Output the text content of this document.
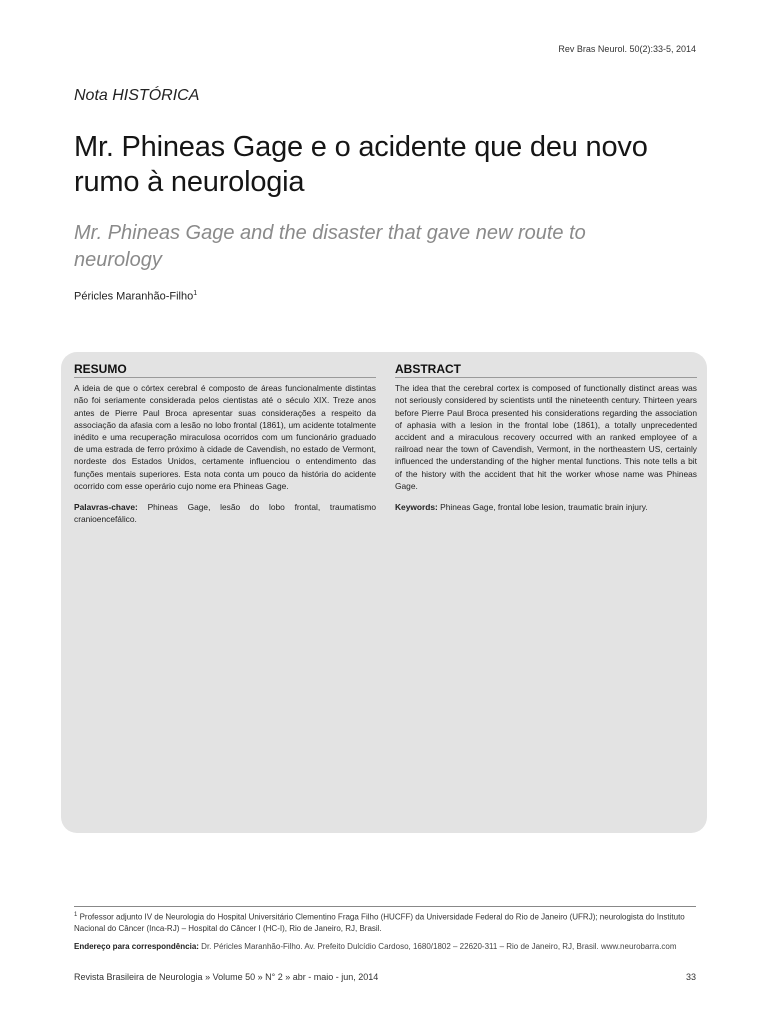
Rev Bras Neurol. 50(2):33-5, 2014
Nota HISTÓRICA
Mr. Phineas Gage e o acidente que deu novo rumo à neurologia
Mr. Phineas Gage and the disaster that gave new route to neurology
Péricles Maranhão-Filho$^1$
RESUMO

A ideia de que o córtex cerebral é composto de áreas funcionalmente distintas não foi seriamente considerada pelos cientistas até o século XIX. Treze anos antes de Pierre Paul Broca apresentar suas considerações a respeito da associação da afasia com a lesão no lobo frontal (1861), um acidente totalmente inédito e uma recuperação miraculosa ocorridos com um funcionário graduado de uma estrada de ferro próximo à cidade de Cavendish, no estado de Vermont, nordeste dos Estados Unidos, certamente influenciou o entendimento das funções mentais superiores. Esta nota conta um pouco da história do acidente ocorrido com esse operário cujo nome era Phineas Gage.

Palavras-chave: Phineas Gage, lesão do lobo frontal, traumatismo cranioencefálico.

ABSTRACT

The idea that the cerebral cortex is composed of functionally distinct areas was not seriously considered by scientists until the nineteenth century. Thirteen years before Pierre Paul Broca presented his considerations regarding the association of aphasia with a lesion in the frontal lobe (1861), a totally unprecedented accident and a miraculous recovery occurred with an ranked employee of a railroad near the town of Cavendish, Vermont, in the northeastern US, certainly influenced the understanding of the higher mental functions. This note tells a bit of the history with the accident that hit the worker whose name was Phineas Gage.

Keywords: Phineas Gage, frontal lobe lesion, traumatic brain injury.

$^1$ Professor adjunto IV de Neurologia do Hospital Universitário Clementino Fraga Filho (HUCFF) da Universidade Federal do Rio de Janeiro (UFRJ); neurologista do Instituto Nacional do Câncer (Inca-RJ) – Hospital do Câncer I (HC-I), Rio de Janeiro, RJ, Brasil.
Endereço para correspondência: Dr. Péricles Maranhão-Filho. Av. Prefeito Dulcídio Cardoso, 1680/1802 – 22620-311 – Rio de Janeiro, RJ, Brasil. www.neurobarra.com
Revista Brasileira de Neurologia » Volume 50 » N° 2 » abr - maio - jun, 2014	33
